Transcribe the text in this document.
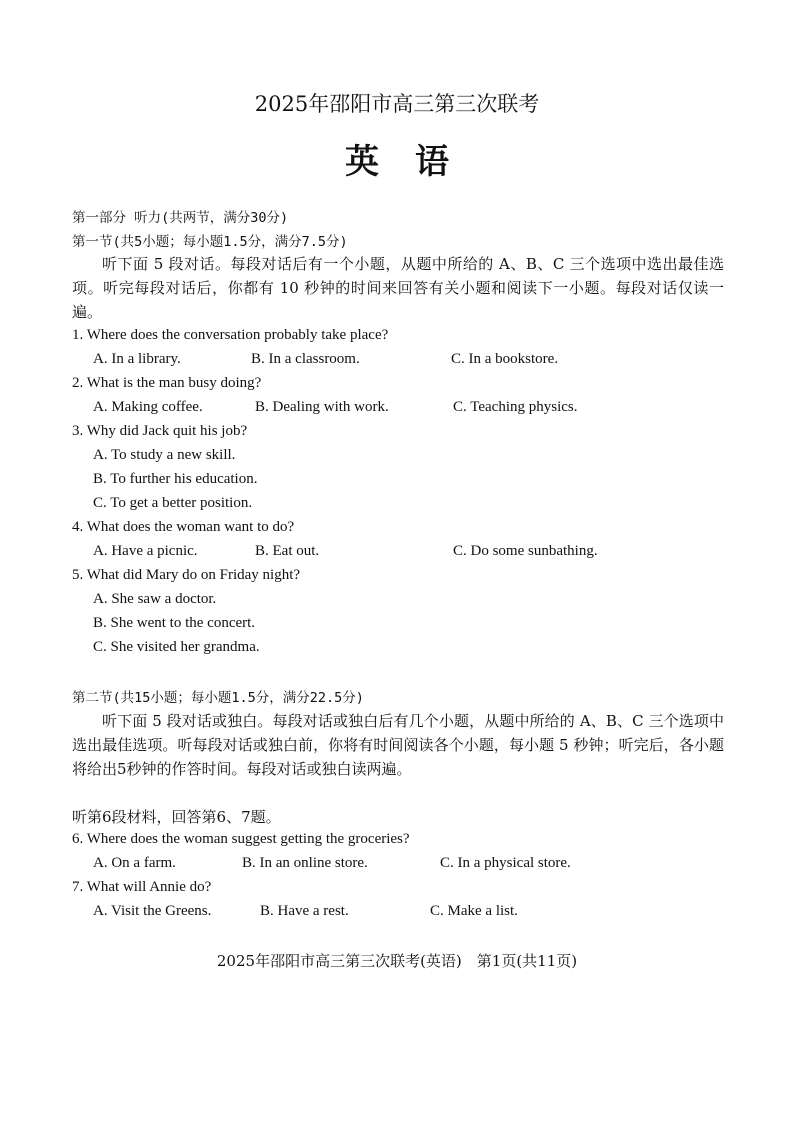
2025年邵阳市高三第三次联考
英语
第一部分 听力(共两节，满分30分)
第一节(共5小题；每小题1.5分，满分7.5分)
听下面 5 段对话。每段对话后有一个小题，从题中所给的 A、B、C 三个选项中选出最佳选项。听完每段对话后，你都有 10 秒钟的时间来回答有关小题和阅读下一小题。每段对话仅读一遍。
1. Where does the conversation probably take place?
A. In a library.	B. In a classroom.	C. In a bookstore.
2. What is the man busy doing?
A. Making coffee.	B. Dealing with work.	C. Teaching physics.
3. Why did Jack quit his job?
A. To study a new skill.
B. To further his education.
C. To get a better position.
4. What does the woman want to do?
A. Have a picnic.	B. Eat out.	C. Do some sunbathing.
5. What did Mary do on Friday night?
A. She saw a doctor.
B. She went to the concert.
C. She visited her grandma.
第二节(共15小题；每小题1.5分，满分22.5分)
听下面 5 段对话或独白。每段对话或独白后有几个小题，从题中所给的 A、B、C 三个选项中选出最佳选项。听每段对话或独白前，你将有时间阅读各个小题，每小题 5 秒钟；听完后，各小题将给出5秒钟的作答时间。每段对话或独白读两遍。
听第6段材料，回答第6、7题。
6. Where does the woman suggest getting the groceries?
A. On a farm.	B. In an online store.	C. In a physical store.
7. What will Annie do?
A. Visit the Greens.	B. Have a rest.	C. Make a list.
2025年邵阳市高三第三次联考(英语)　第1页(共11页)
